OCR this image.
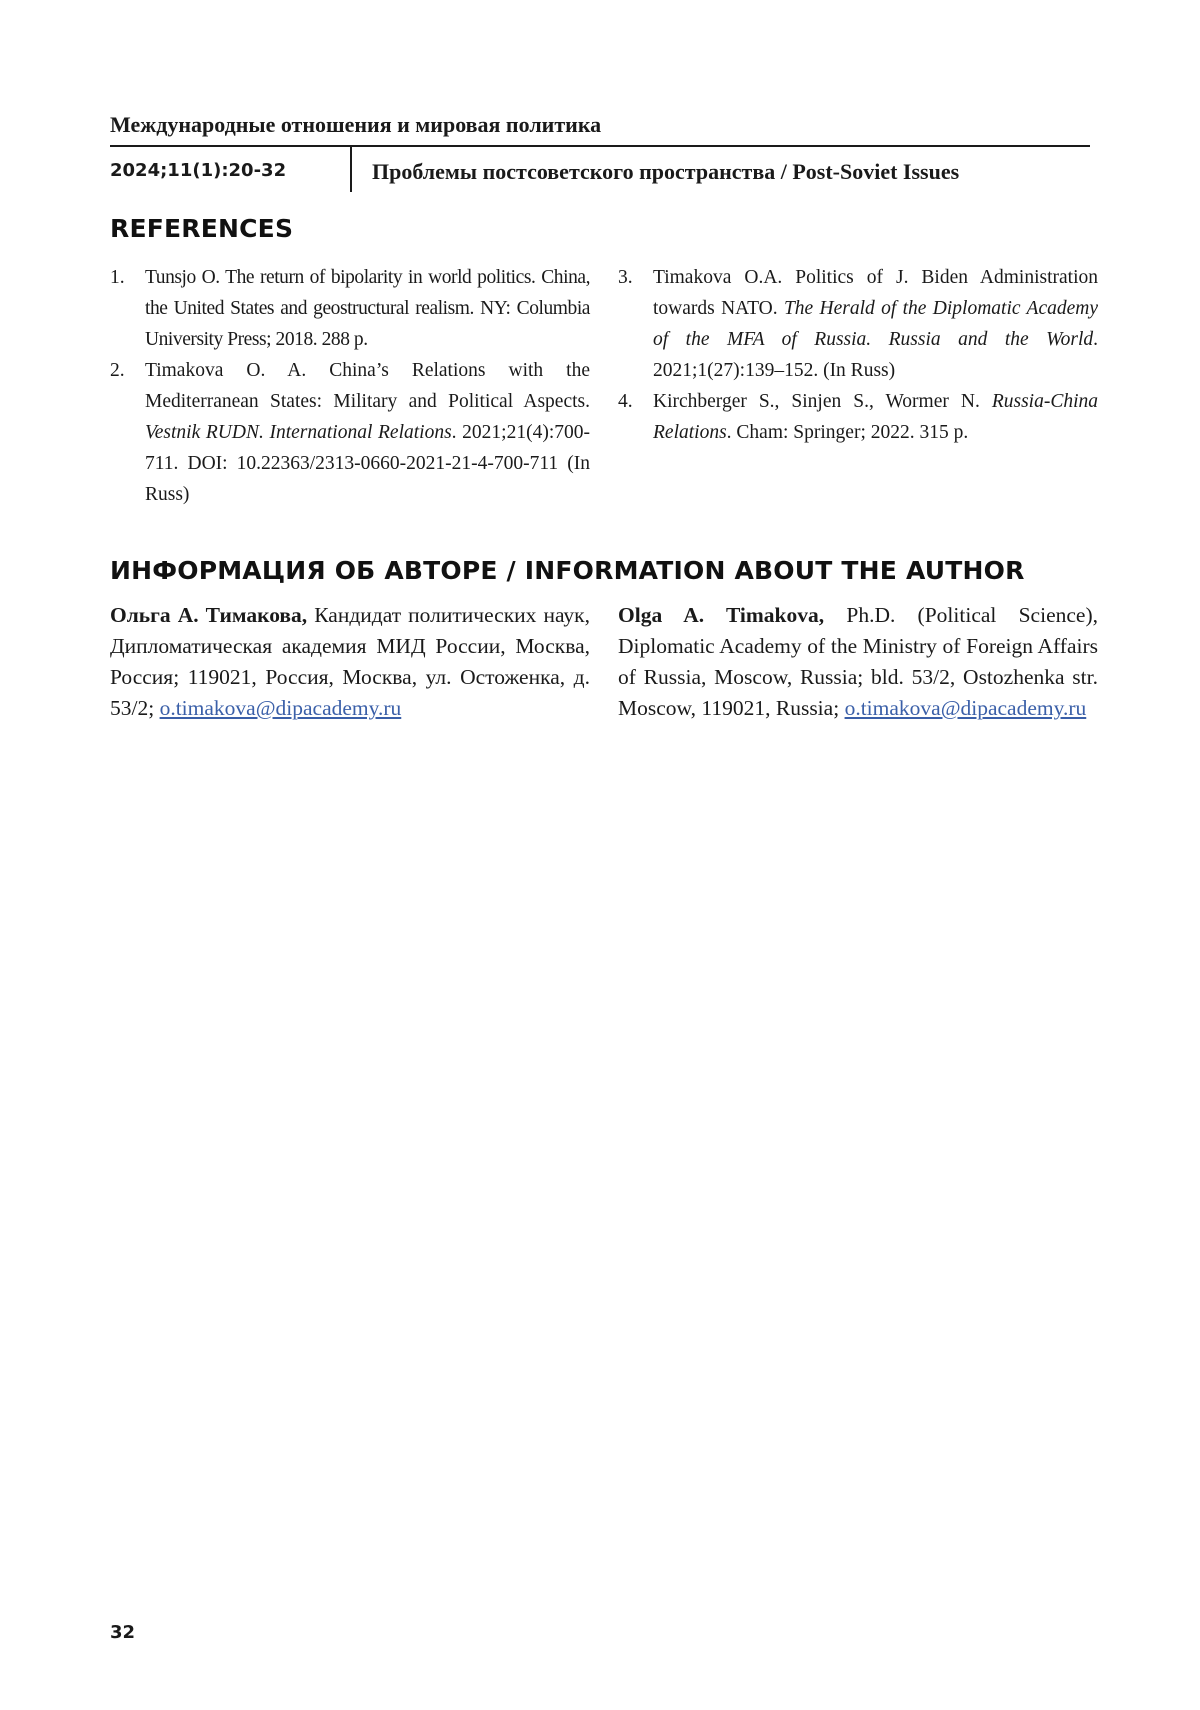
Международные отношения и мировая политика
2024;11(1):20-32	Проблемы постсоветского пространства / Post-Soviet Issues
REFERENCES
1. Tunsjo O. The return of bipolarity in world politics. China, the United States and geostructural realism. NY: Columbia University Press; 2018. 288 p.
2. Timakova O. A. China’s Relations with the Mediterranean States: Military and Political Aspects. Vestnik RUDN. International Relations. 2021;21(4):700-711. DOI: 10.22363/2313-0660-2021-21-4-700-711 (In Russ)
3. Timakova O.A. Politics of J. Biden Administration towards NATO. The Herald of the Diplomatic Academy of the MFA of Russia. Russia and the World. 2021;1(27):139–152. (In Russ)
4. Kirchberger S., Sinjen S., Wormer N. Russia-China Relations. Cham: Springer; 2022. 315 p.
ИНФОРМАЦИЯ ОБ АВТОРЕ / INFORMATION ABOUT THE AUTHOR
Ольга А. Тимакова, Кандидат политических наук, Дипломатическая академия МИД России, Москва, Россия; 119021, Россия, Москва, ул. Остоженка, д. 53/2; o.timakova@dipacademy.ru
Olga A. Timakova, Ph.D. (Political Science), Diplomatic Academy of the Ministry of Foreign Affairs of Russia, Moscow, Russia; bld. 53/2, Ostozhenka str. Moscow, 119021, Russia; o.timakova@dipacademy.ru
32
